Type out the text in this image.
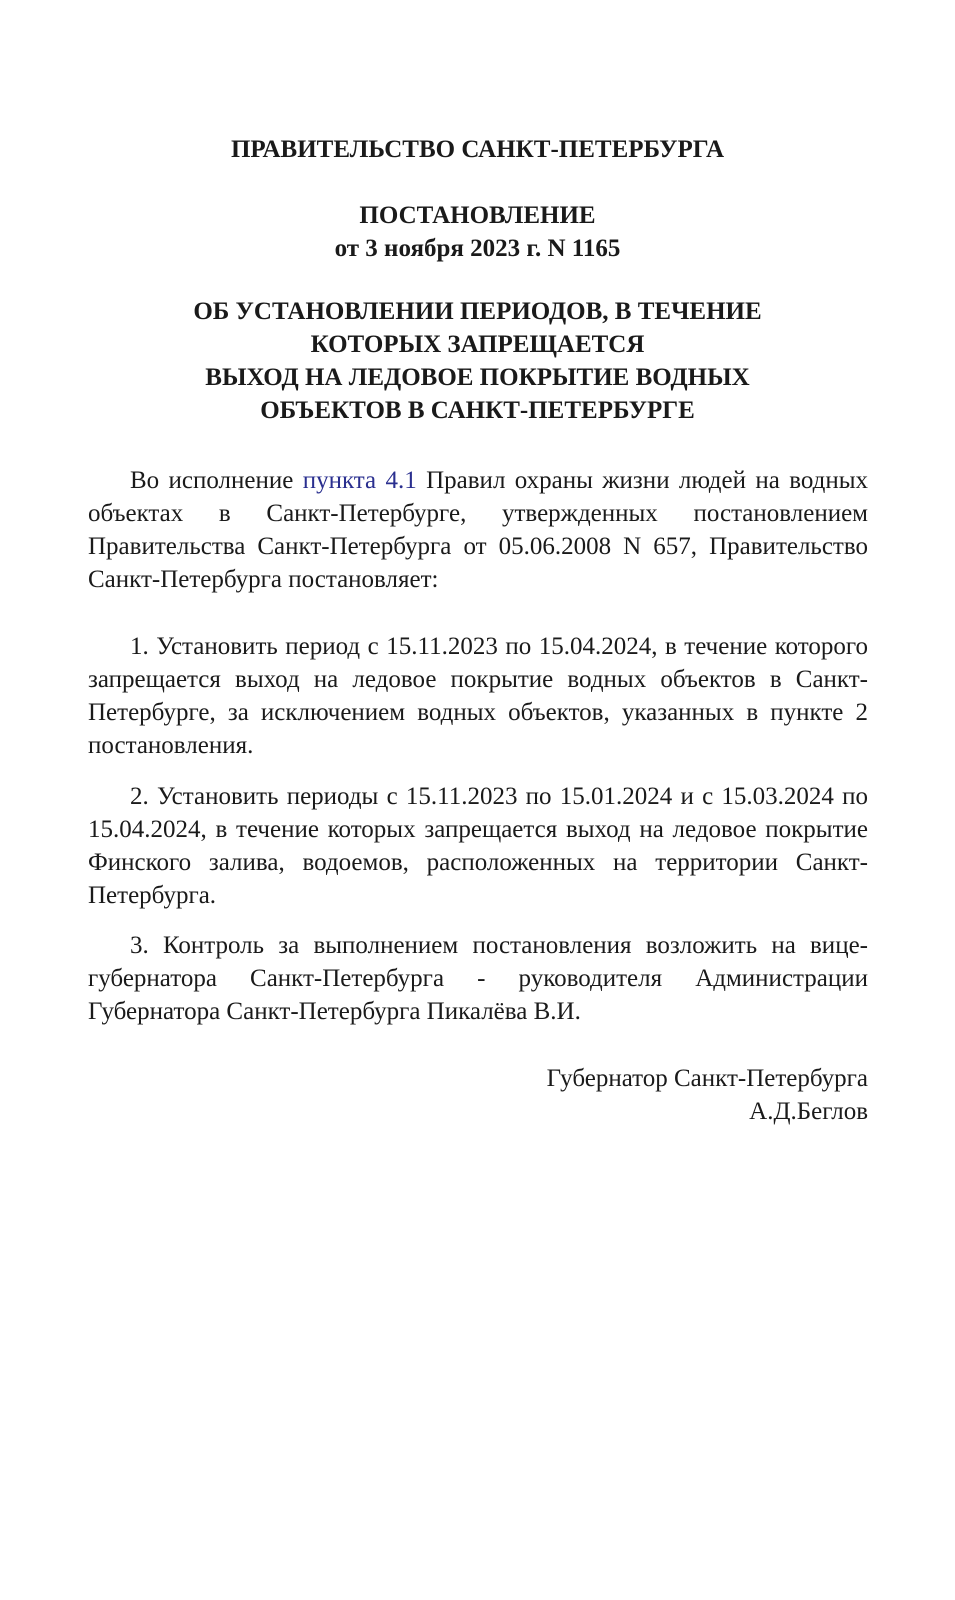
ПРАВИТЕЛЬСТВО САНКТ-ПЕТЕРБУРГА
ПОСТАНОВЛЕНИЕ
от 3 ноября 2023 г. N 1165
ОБ УСТАНОВЛЕНИИ ПЕРИОДОВ, В ТЕЧЕНИЕ
КОТОРЫХ ЗАПРЕЩАЕТСЯ
ВЫХОД НА ЛЕДОВОЕ ПОКРЫТИЕ ВОДНЫХ
ОБЪЕКТОВ В САНКТ-ПЕТЕРБУРГЕ
Во исполнение пункта 4.1 Правил охраны жизни людей на водных объектах в Санкт-Петербурге, утвержденных постановлением Правительства Санкт-Петербурга от 05.06.2008 N 657, Правительство Санкт-Петербурга постановляет:
1. Установить период с 15.11.2023 по 15.04.2024, в течение которого запрещается выход на ледовое покрытие водных объектов в Санкт-Петербурге, за исключением водных объектов, указанных в пункте 2 постановления.
2. Установить периоды с 15.11.2023 по 15.01.2024 и с 15.03.2024 по 15.04.2024, в течение которых запрещается выход на ледовое покрытие Финского залива, водоемов, расположенных на территории Санкт-Петербурга.
3. Контроль за выполнением постановления возложить на вице-губернатора Санкт-Петербурга - руководителя Администрации Губернатора Санкт-Петербурга Пикалёва В.И.
Губернатор Санкт-Петербурга
А.Д.Беглов
